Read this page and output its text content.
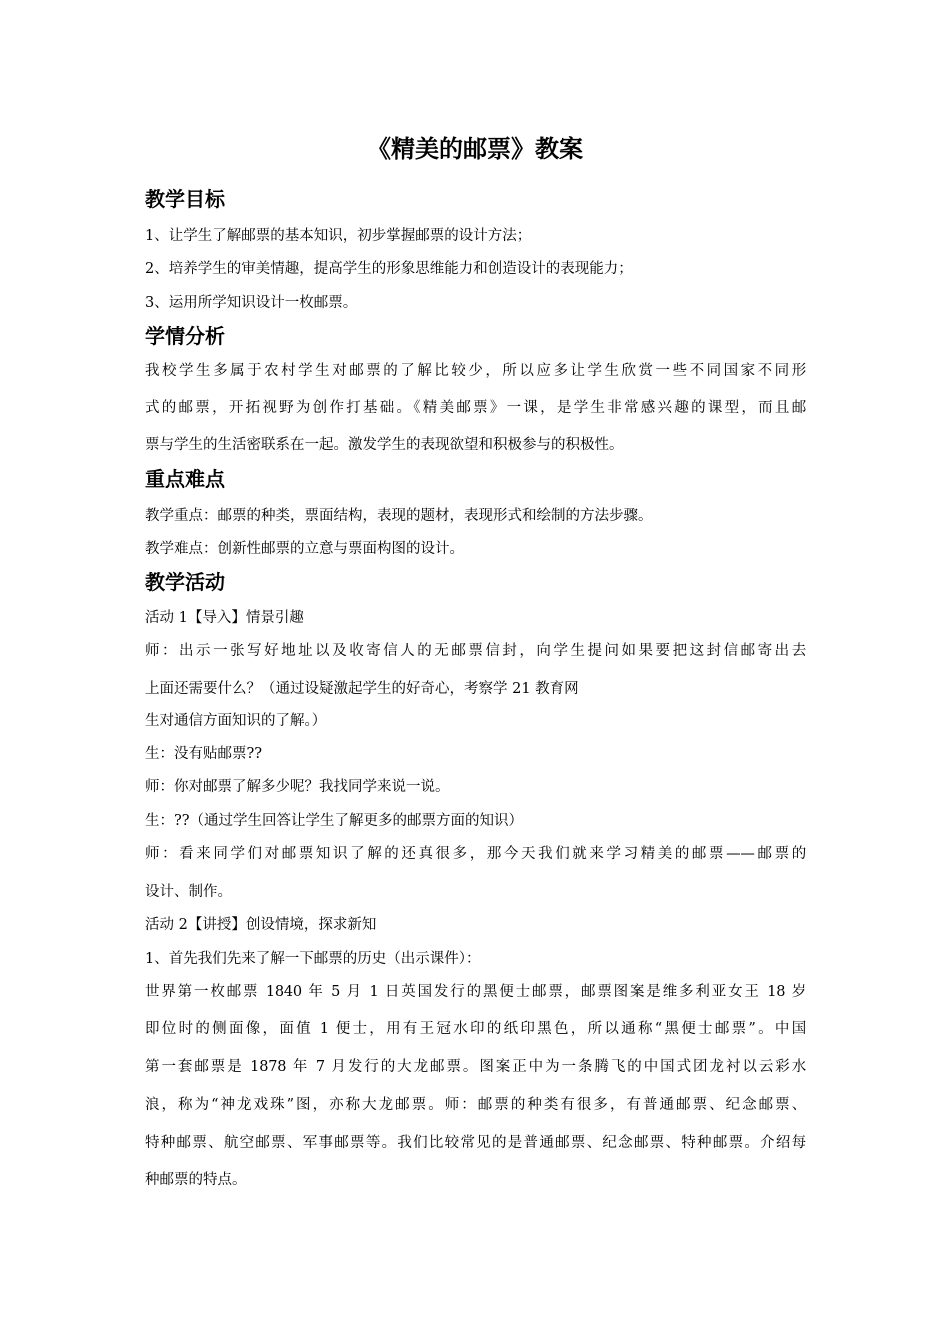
《精美的邮票》教案
教学目标
1、让学生了解邮票的基本知识，初步掌握邮票的设计方法；
2、培养学生的审美情趣，提高学生的形象思维能力和创造设计的表现能力；
3、运用所学知识设计一枚邮票。
学情分析
我校学生多属于农村学生对邮票的了解比较少，所以应多让学生欣赏一些不同国家不同形
式的邮票，开拓视野为创作打基础。《精美邮票》一课，是学生非常感兴趣的课型，而且邮
票与学生的生活密联系在一起。激发学生的表现欲望和积极参与的积极性。
重点难点
教学重点：邮票的种类，票面结构，表现的题材，表现形式和绘制的方法步骤。
教学难点：创新性邮票的立意与票面构图的设计。
教学活动
活动 1【导入】情景引趣
师：出示一张写好地址以及收寄信人的无邮票信封，向学生提问如果要把这封信邮寄出去
上面还需要什么？（通过设疑激起学生的好奇心，考察学 21 教育网
生对通信方面知识的了解。）
生：没有贴邮票??
师：你对邮票了解多少呢？我找同学来说一说。
生：??（通过学生回答让学生了解更多的邮票方面的知识）
师：看来同学们对邮票知识了解的还真很多，那今天我们就来学习精美的邮票——邮票的
设计、制作。
活动 2【讲授】创设情境，探求新知
1、首先我们先来了解一下邮票的历史（出示课件）：
世界第一枚邮票 1840 年 5 月 1 日英国发行的黑便士邮票，邮票图案是维多利亚女王 18 岁
即位时的侧面像，面值 1 便士，用有王冠水印的纸印黑色，所以通称“黑便士邮票”。中国
第一套邮票是 1878 年 7 月发行的大龙邮票。图案正中为一条腾飞的中国式团龙衬以云彩水
浪，称为“神龙戏珠”图，亦称大龙邮票。师：邮票的种类有很多，有普通邮票、纪念邮票、
特种邮票、航空邮票、军事邮票等。我们比较常见的是普通邮票、纪念邮票、特种邮票。介绍每
种邮票的特点。
